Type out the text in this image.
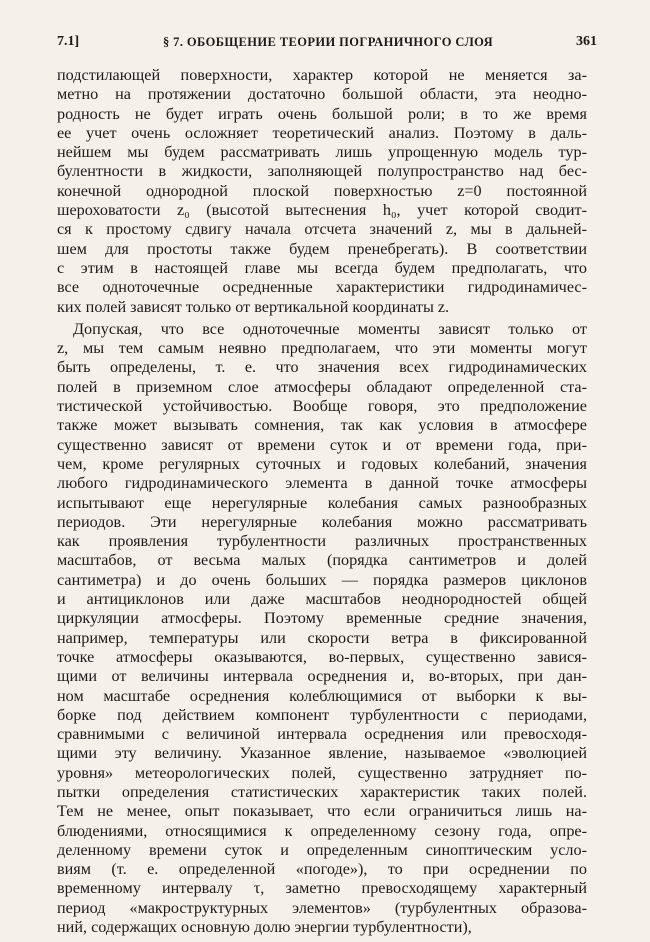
7.1]	§ 7. ОБОБЩЕНИЕ ТЕОРИИ ПОГРАНИЧНОГО СЛОЯ	361
подстилающей поверхности, характер которой не меняется за-
метно на протяжении достаточно большой области, эта неодно-
родность не будет играть очень большой роли; в то же время
ее учет очень осложняет теоретический анализ. Поэтому в даль-
нейшем мы будем рассматривать лишь упрощенную модель тур-
булентности в жидкости, заполняющей полупространство над бес-
конечной однородной плоской поверхностью z=0 постоянной
шероховатости z₀ (высотой вытеснения h₀, учет которой сводит-
ся к простому сдвигу начала отсчета значений z, мы в дальней-
шем для простоты также будем пренебрегать). В соответствии
с этим в настоящей главе мы всегда будем предполагать, что
все одноточечные осредненные характеристики гидродинамичес-
ких полей зависят только от вертикальной координаты z.
Допуская, что все одноточечные моменты зависят только от
z, мы тем самым неявно предполагаем, что эти моменты могут
быть определены, т. е. что значения всех гидродинамических
полей в приземном слое атмосферы обладают определенной ста-
тистической устойчивостью. Вообще говоря, это предположение
также может вызывать сомнения, так как условия в атмосфере
существенно зависят от времени суток и от времени года, при-
чем, кроме регулярных суточных и годовых колебаний, значения
любого гидродинамического элемента в данной точке атмосферы
испытывают еще нерегулярные колебания самых разнообразных
периодов. Эти нерегулярные колебания можно рассматривать
как проявления турбулентности различных пространственных
масштабов, от весьма малых (порядка сантиметров и долей
сантиметра) и до очень больших — порядка размеров циклонов
и антициклонов или даже масштабов неоднородностей общей
циркуляции атмосферы. Поэтому временные средние значения,
например, температуры или скорости ветра в фиксированной
точке атмосферы оказываются, во-первых, существенно завися-
щими от величины интервала осреднения и, во-вторых, при дан-
ном масштабе осреднения колеблющимися от выборки к вы-
борке под действием компонент турбулентности с периодами,
сравнимыми с величиной интервала осреднения или превосходя-
щими эту величину. Указанное явление, называемое «эволюцией
уровня» метеорологических полей, существенно затрудняет по-
пытки определения статистических характеристик таких полей.
Тем не менее, опыт показывает, что если ограничиться лишь на-
блюдениями, относящимися к определенному сезону года, опре-
деленному времени суток и определенным синоптическим усло-
виям (т. е. определенной «погоде»), то при осреднении по
временному интервалу τ, заметно превосходящему характерный
период «макроструктурных элементов» (турбулентных образова-
ний, содержащих основную долю энергии турбулентности),
